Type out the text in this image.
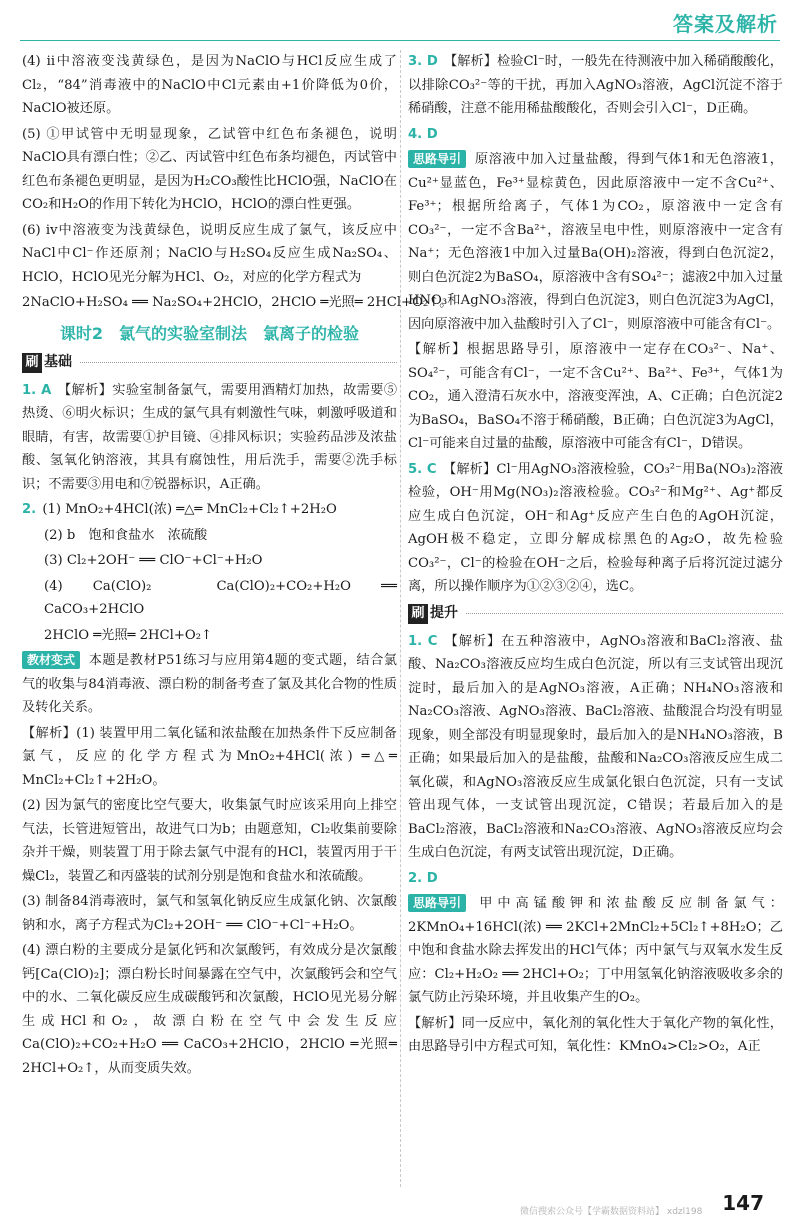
答案及解析

(4) ⅱ中溶液变浅黄绿色，是因为NaClO与HCl反应生成了Cl₂，“84”消毒液中的NaClO中Cl元素由+1价降低为0价，NaClO被还原。

(5) ①甲试管中无明显现象，乙试管中红色布条褪色，说明NaClO具有漂白性；②乙、丙试管中红色布条均褪色，丙试管中红色布条褪色更明显，是因为H₂CO₃酸性比HClO强，NaClO在CO₂和H₂O的作用下转化为HClO，HClO的漂白性更强。

(6) ⅳ中溶液变为浅黄绿色，说明反应生成了氯气，该反应中NaCl中Cl⁻作还原剂；NaClO与H₂SO₄反应生成Na₂SO₄、HClO，HClO见光分解为HCl、O₂，对应的化学方程式为

2NaClO+H₂SO₄ ══ Na₂SO₄+2HClO，2HClO ═光照═ 2HCl+O₂↑。

课时2　氯气的实验室制法　氯离子的检验
刷 基础

1. A 【解析】实验室制备氯气，需要用酒精灯加热，故需要⑤热烫、⑥明火标识；生成的氯气具有刺激性气味，刺激呼吸道和眼睛，有害，故需要①护目镜、④排风标识；实验药品涉及浓盐酸、氢氧化钠溶液，其具有腐蚀性，用后洗手，需要②洗手标识；不需要③用电和⑦锐器标识，A正确。

2. (1) MnO₂+4HCl(浓) ═△═ MnCl₂+Cl₂↑+2H₂O

(2) b　饱和食盐水　浓硫酸

(3) Cl₂+2OH⁻ ══ ClO⁻+Cl⁻+H₂O

(4) Ca(ClO)₂　Ca(ClO)₂+CO₂+H₂O ══ CaCO₃+2HClO

2HClO ═光照═ 2HCl+O₂↑

教材变式 本题是教材P51练习与应用第4题的变式题，结合氯气的收集与84消毒液、漂白粉的制备考查了氯及其化合物的性质及转化关系。

【解析】(1) 装置甲用二氧化锰和浓盐酸在加热条件下反应制备氯气，反应的化学方程式为MnO₂+4HCl(浓) ═△═ MnCl₂+Cl₂↑+2H₂O。

(2) 因为氯气的密度比空气要大，收集氯气时应该采用向上排空气法，长管进短管出，故进气口为b；由题意知，Cl₂收集前要除杂并干燥，则装置丁用于除去氯气中混有的HCl，装置丙用于干燥Cl₂，装置乙和丙盛装的试剂分别是饱和食盐水和浓硫酸。

(3) 制备84消毒液时，氯气和氢氧化钠反应生成氯化钠、次氯酸钠和水，离子方程式为Cl₂+2OH⁻ ══ ClO⁻+Cl⁻+H₂O。

(4) 漂白粉的主要成分是氯化钙和次氯酸钙，有效成分是次氯酸钙[Ca(ClO)₂]；漂白粉长时间暴露在空气中，次氯酸钙会和空气中的水、二氧化碳反应生成碳酸钙和次氯酸，HClO见光易分解生成HCl和O₂，故漂白粉在空气中会发生反应Ca(ClO)₂+CO₂+H₂O ══ CaCO₃+2HClO，2HClO ═光照═ 2HCl+O₂↑，从而变质失效。

3. D 【解析】检验Cl⁻时，一般先在待测液中加入稀硝酸酸化，以排除CO₃²⁻等的干扰，再加入AgNO₃溶液，AgCl沉淀不溶于稀硝酸，注意不能用稀盐酸酸化，否则会引入Cl⁻，D正确。

4. D

思路导引 原溶液中加入过量盐酸，得到气体1和无色溶液1，Cu²⁺显蓝色，Fe³⁺显棕黄色，因此原溶液中一定不含Cu²⁺、Fe³⁺；根据所给离子，气体1为CO₂，原溶液中一定含有CO₃²⁻，一定不含Ba²⁺，溶液呈电中性，则原溶液中一定含有Na⁺；无色溶液1中加入过量Ba(OH)₂溶液，得到白色沉淀2，则白色沉淀2为BaSO₄，原溶液中含有SO₄²⁻；滤液2中加入过量HNO₃和AgNO₃溶液，得到白色沉淀3，则白色沉淀3为AgCl，因向原溶液中加入盐酸时引入了Cl⁻，则原溶液中可能含有Cl⁻。

【解析】根据思路导引，原溶液中一定存在CO₃²⁻、Na⁺、SO₄²⁻，可能含有Cl⁻，一定不含Cu²⁺、Ba²⁺、Fe³⁺，气体1为CO₂，通入澄清石灰水中，溶液变浑浊，A、C正确；白色沉淀2为BaSO₄，BaSO₄不溶于稀硝酸，B正确；白色沉淀3为AgCl，Cl⁻可能来自过量的盐酸，原溶液中可能含有Cl⁻，D错误。

5. C 【解析】Cl⁻用AgNO₃溶液检验，CO₃²⁻用Ba(NO₃)₂溶液检验，OH⁻用Mg(NO₃)₂溶液检验。CO₃²⁻和Mg²⁺、Ag⁺都反应生成白色沉淀，OH⁻和Ag⁺反应产生白色的AgOH沉淀，AgOH极不稳定，立即分解成棕黑色的Ag₂O，故先检验CO₃²⁻，Cl⁻的检验在OH⁻之后，检验每种离子后将沉淀过滤分离，所以操作顺序为①②③②④，选C。

刷 提升

1. C 【解析】在五种溶液中，AgNO₃溶液和BaCl₂溶液、盐酸、Na₂CO₃溶液反应均生成白色沉淀，所以有三支试管出现沉淀时，最后加入的是AgNO₃溶液，A正确；NH₄NO₃溶液和Na₂CO₃溶液、AgNO₃溶液、BaCl₂溶液、盐酸混合均没有明显现象，则全部没有明显现象时，最后加入的是NH₄NO₃溶液，B正确；如果最后加入的是盐酸，盐酸和Na₂CO₃溶液反应生成二氧化碳，和AgNO₃溶液反应生成氯化银白色沉淀，只有一支试管出现气体，一支试管出现沉淀，C错误；若最后加入的是BaCl₂溶液，BaCl₂溶液和Na₂CO₃溶液、AgNO₃溶液反应均会生成白色沉淀，有两支试管出现沉淀，D正确。

2. D

思路导引 甲中高锰酸钾和浓盐酸反应制备氯气：2KMnO₄+16HCl(浓) ══ 2KCl+2MnCl₂+5Cl₂↑+8H₂O；乙中饱和食盐水除去挥发出的HCl气体；丙中氯气与双氧水发生反应：Cl₂+H₂O₂ ══ 2HCl+O₂；丁中用氢氧化钠溶液吸收多余的氯气防止污染环境，并且收集产生的O₂。

【解析】同一反应中，氧化剂的氧化性大于氧化产物的氧化性，由思路导引中方程式可知，氧化性：KMnO₄>Cl₂>O₂，A正

微信搜索公众号【学霸数据资料站】 xdzl198 147
